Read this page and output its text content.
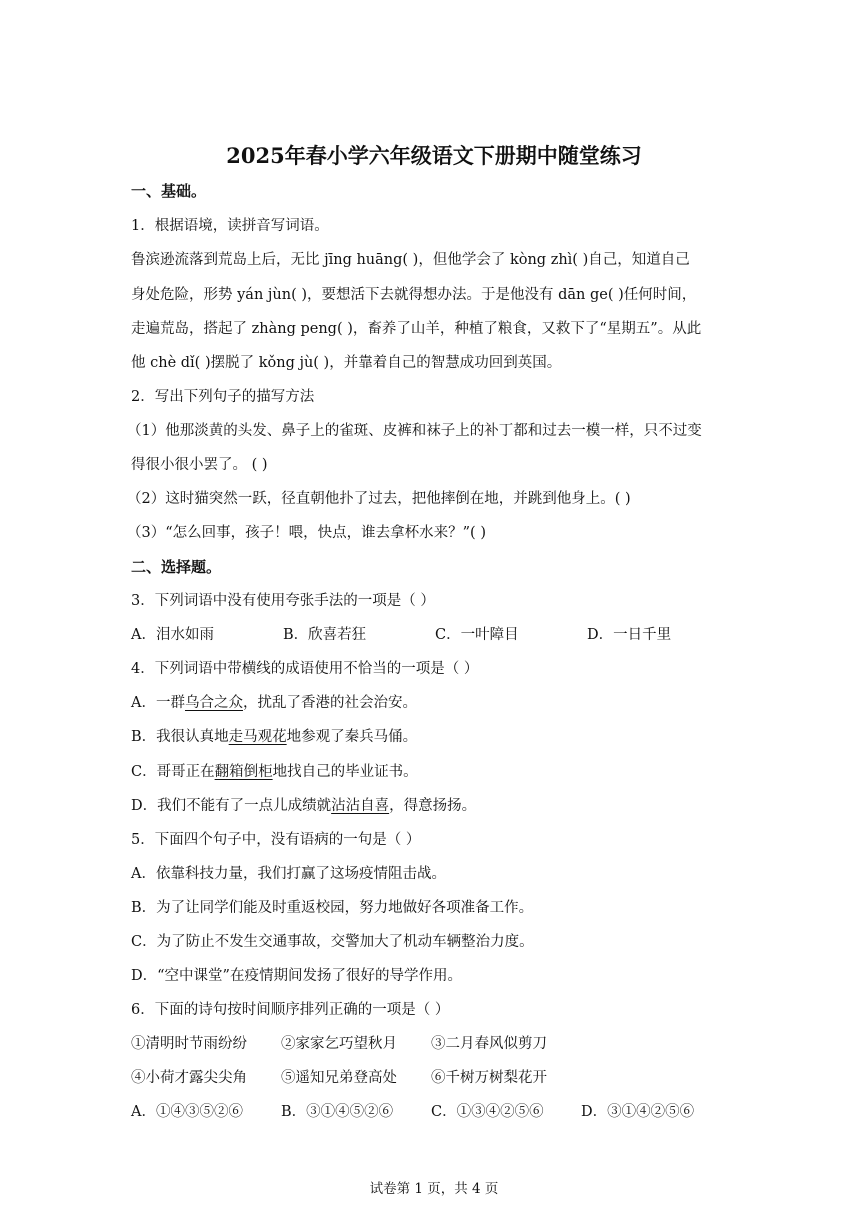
2025年春小学六年级语文下册期中随堂练习
一、基础。
1．根据语境，读拼音写词语。
鲁滨逊流落到荒岛上后，无比 jīng huāng( )，但他学会了 kòng zhì( )自己，知道自己
身处危险，形势 yán jùn( )，要想活下去就得想办法。于是他没有 dān ge( )任何时间，
走遍荒岛，搭起了 zhàng peng( )，畜养了山羊，种植了粮食，又救下了“星期五”。从此
他 chè dǐ( )摆脱了 kǒng jù( )，并靠着自己的智慧成功回到英国。
2．写出下列句子的描写方法
（1）他那淡黄的头发、鼻子上的雀斑、皮裤和袜子上的补丁都和过去一模一样，只不过变
得很小很小罢了。 ( )
（2）这时猫突然一跃，径直朝他扑了过去，把他摔倒在地，并跳到他身上。( )
（3）“怎么回事，孩子！喂，快点，谁去拿杯水来？”( )
二、选择题。
3．下列词语中没有使用夸张手法的一项是（ ）
A．泪水如雨	B．欣喜若狂	C．一叶障目	D．一日千里
4．下列词语中带横线的成语使用不恰当的一项是（ ）
A．一群乌合之众，扰乱了香港的社会治安。
B．我很认真地走马观花地参观了秦兵马俑。
C．哥哥正在翻箱倒柜地找自己的毕业证书。
D．我们不能有了一点儿成绩就沾沾自喜，得意扬扬。
5．下面四个句子中，没有语病的一句是（ ）
A．依靠科技力量，我们打赢了这场疫情阻击战。
B．为了让同学们能及时重返校园，努力地做好各项准备工作。
C．为了防止不发生交通事故，交警加大了机动车辆整治力度。
D．“空中课堂”在疫情期间发扬了很好的导学作用。
6．下面的诗句按时间顺序排列正确的一项是（ ）
①清明时节雨纷纷 ②家家乞巧望秋月 ③二月春风似剪刀
④小荷才露尖尖角 ⑤遥知兄弟登高处 ⑥千树万树梨花开
A．①④③⑤②⑥	B．③①④⑤②⑥	C．①③④②⑤⑥	D．③①④②⑤⑥
试卷第 1 页，共 4 页
